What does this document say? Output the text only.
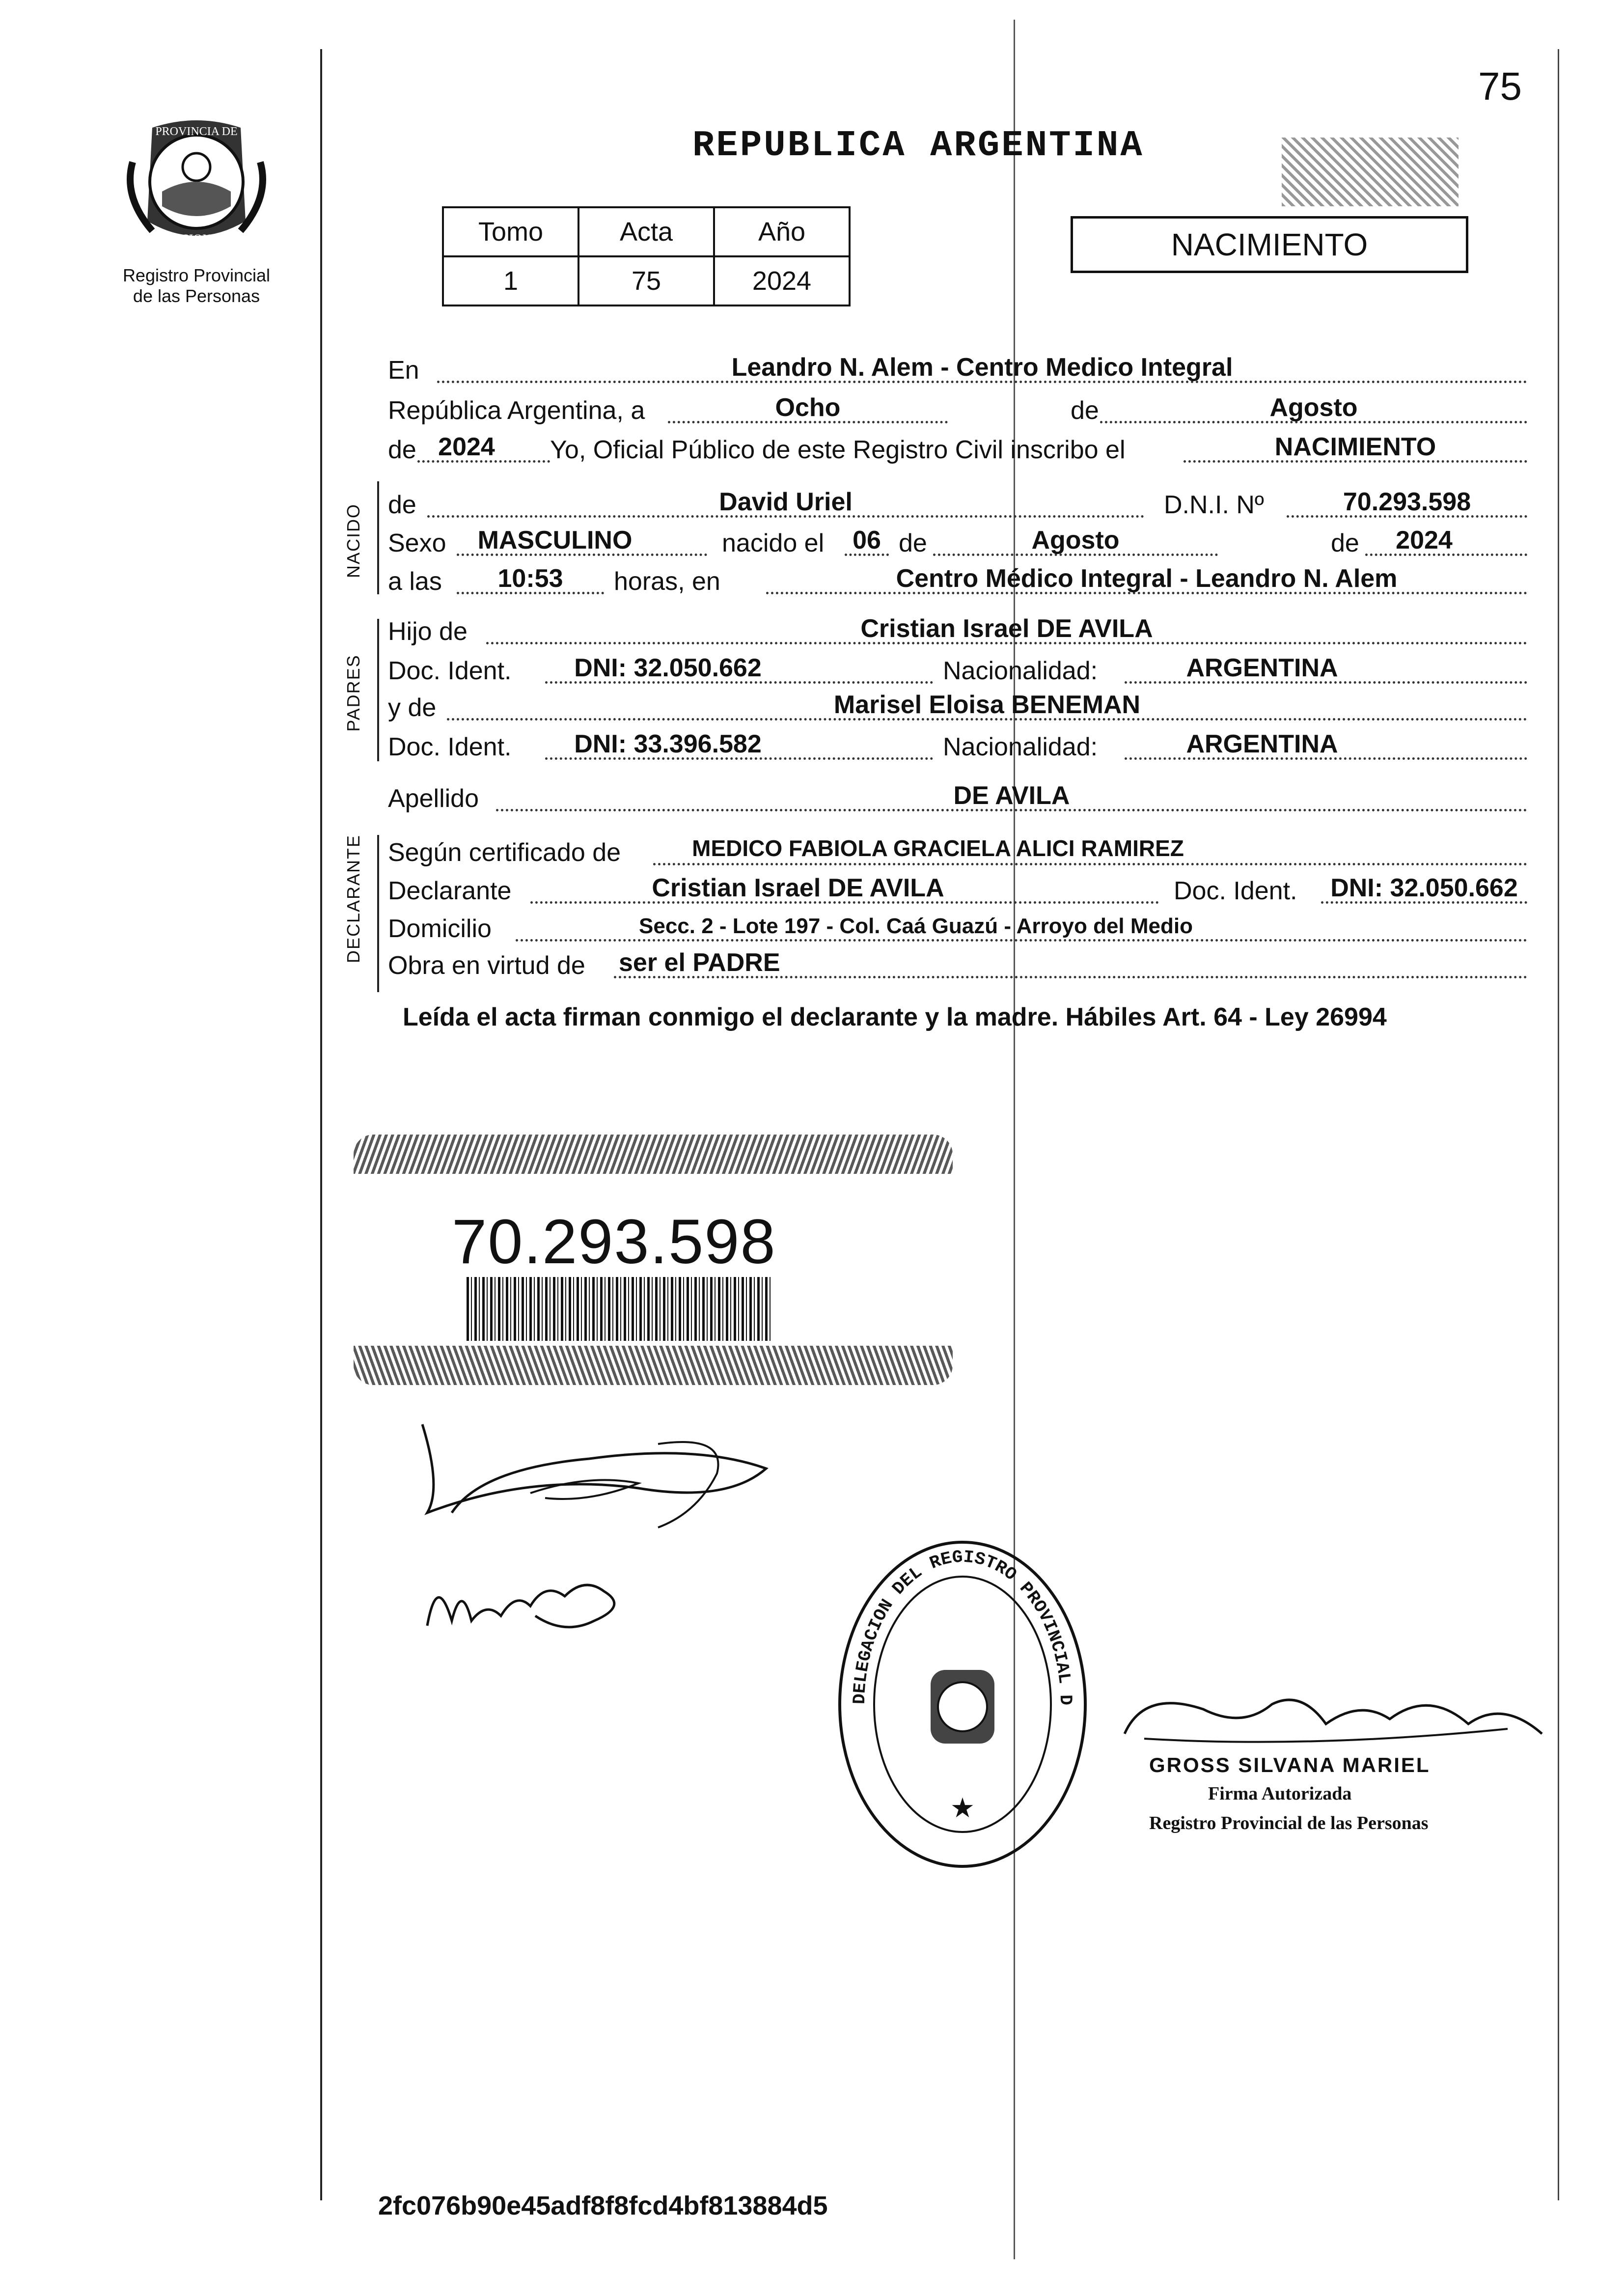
75
PROVINCIA DE
MISIONES
Registro Provincial
de las Personas
REPUBLICA ARGENTINA
Tomo	Acta	Año
1	75	2024
NACIMIENTO
NACIDO
PADRES
DECLARANTE
En	Leandro N. Alem - Centro Medico Integral
República Argentina, a	Ocho	de	Agosto
de 2024	Yo, Oficial Público de este Registro Civil inscribo el	NACIMIENTO
de	David Uriel	D.N.I. Nº	70.293.598
Sexo	MASCULINO	nacido el	06 de	Agosto	de	2024
a las	10:53	horas, en	Centro Médico Integral - Leandro N. Alem
Hijo de	Cristian Israel DE AVILA
Doc. Ident.	DNI: 32.050.662	Nacionalidad:	ARGENTINA
y de	Marisel Eloisa BENEMAN
Doc. Ident.	DNI: 33.396.582	Nacionalidad:	ARGENTINA
Apellido	DE AVILA
Según certificado de	MEDICO FABIOLA GRACIELA ALICI RAMIREZ
Declarante	Cristian Israel DE AVILA	Doc. Ident.	DNI: 32.050.662
Domicilio	Secc. 2 - Lote 197 - Col. Caá Guazú - Arroyo del Medio
Obra en virtud de ser el PADRE
Leída el acta firman conmigo el declarante y la madre. Hábiles Art. 64 - Ley 26994
70.293.598
DELEGACION DEL REGISTRO PROVINCIAL D
★
GROSS SILVANA MARIEL
Firma Autorizada
Registro Provincial de las Personas
2fc076b90e45adf8f8fcd4bf813884d5
